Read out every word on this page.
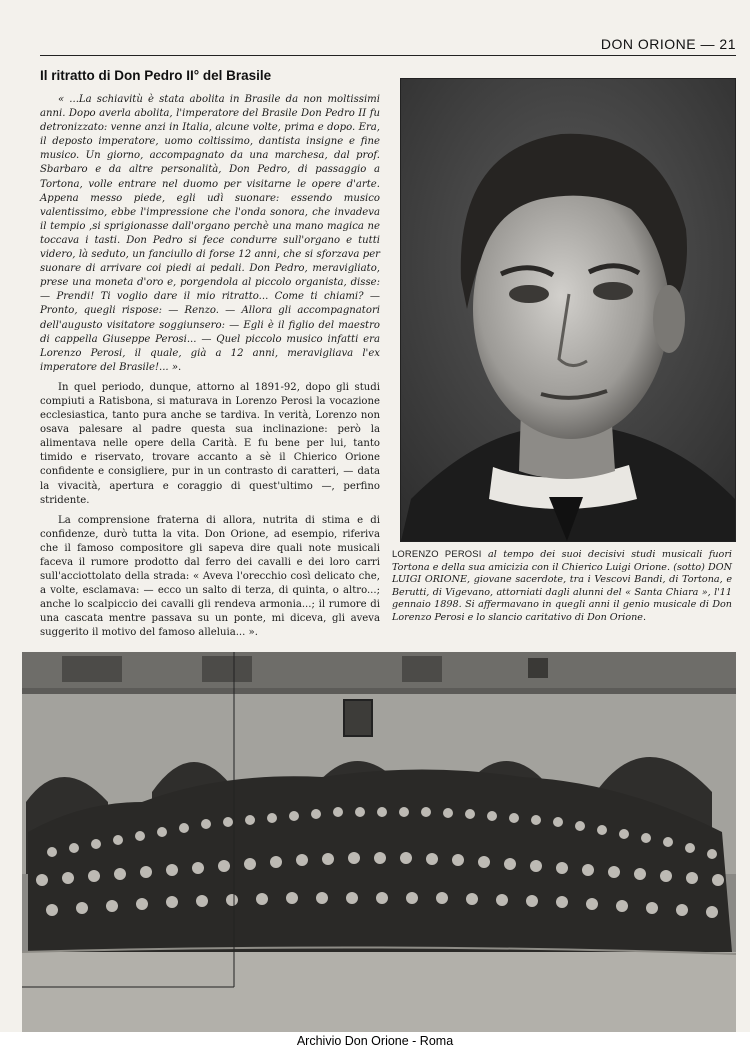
DON ORIONE — 21
Il ritratto di Don Pedro II° del Brasile

« ...La schiavitù è stata abolita in Brasile da non moltissimi anni. Dopo averla abolita, l'imperatore del Brasile Don Pedro II fu detronizzato: venne anzi in Italia, alcune volte, prima e dopo. Era, il deposto imperatore, uomo coltissimo, dantista insigne e fine musico. Un giorno, accompagnato da una marchesa, dal prof. Sbarbaro e da altre personalità, Don Pedro, di passaggio a Tortona, volle entrare nel duomo per visitarne le opere d'arte. Appena messo piede, egli udì suonare: essendo musico valentissimo, ebbe l'impressione che l'onda sonora, che invadeva il tempio ,si sprigionasse dall'organo perchè una mano magica ne toccava i tasti. Don Pedro si fece condurre sull'organo e tutti videro, là seduto, un fanciullo di forse 12 anni, che si sforzava per suonare di arrivare coi piedi ai pedali. Don Pedro, meravigliato, prese una moneta d'oro e, porgendola al piccolo organista, disse: — Prendi! Ti voglio dare il mio ritratto... Come ti chiami? — Pronto, quegli rispose: — Renzo. — Allora gli accompagnatori dell'augusto visitatore soggiunsero: — Egli è il figlio del maestro di cappella Giuseppe Perosi... — Quel piccolo musico infatti era Lorenzo Perosi, il quale, già a 12 anni, meravigliava l'ex imperatore del Brasile!... ».

In quel periodo, dunque, attorno al 1891-92, dopo gli studi compiuti a Ratisbona, si maturava in Lorenzo Perosi la vocazione ecclesiastica, tanto pura anche se tardiva. In verità, Lorenzo non osava palesare al padre questa sua inclinazione: però la alimentava nelle opere della Carità. E fu bene per lui, tanto timido e riservato, trovare accanto a sè il Chierico Orione confidente e consigliere, pur in un contrasto di caratteri, — data la vivacità, apertura e coraggio di quest'ultimo —, perfino stridente.

La comprensione fraterna di allora, nutrita di stima e di confidenze, durò tutta la vita. Don Orione, ad esempio, riferiva che il famoso compositore gli sapeva dire quali note musicali faceva il rumore prodotto dal ferro dei cavalli e dei loro carri sull'acciottolato della strada: « Aveva l'orecchio così delicato che, a volte, esclamava: — ecco un salto di terza, di quinta, o altro...; anche lo scalpiccio dei cavalli gli rendeva armonia...; il rumore di una cascata mentre passava su un ponte, mi diceva, gli aveva suggerito il motivo del famoso alleluia... ».

LORENZO PEROSI al tempo dei suoi decisivi studi musicali fuori Tortona e della sua amicizia con il Chierico Luigi Orione. (sotto) DON LUIGI ORIONE, giovane sacerdote, tra i Vescovi Bandi, di Tortona, e Berutti, di Vigevano, attorniati dagli alunni del « Santa Chiara », l'11 gennaio 1898. Si affermavano in quegli anni il genio musicale di Don Lorenzo Perosi e lo slancio caritativo di Don Orione.
Archivio Don Orione - Roma
